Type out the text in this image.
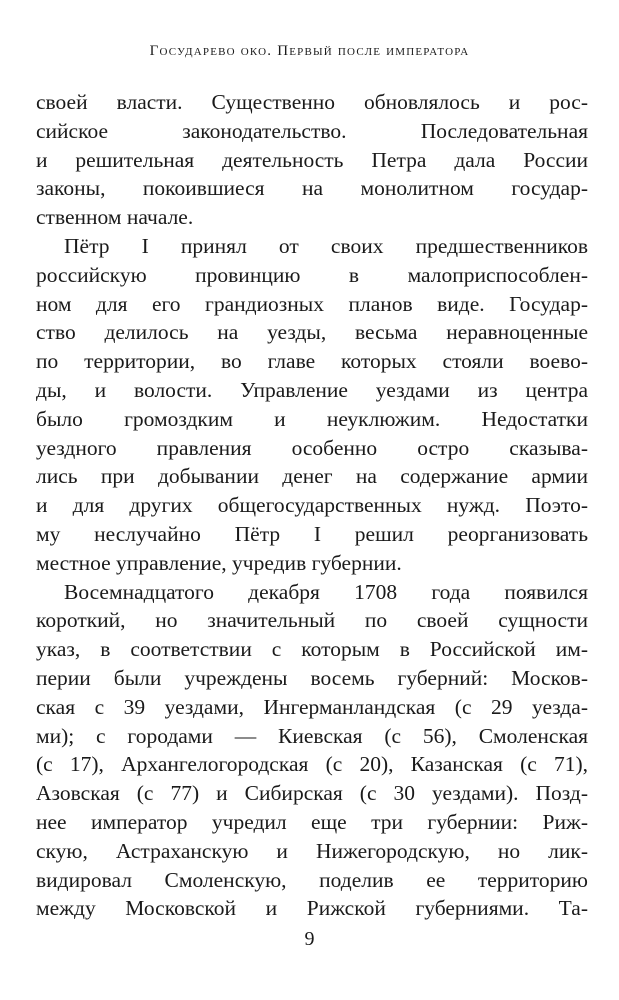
Государево око. Первый после императора
своей власти. Существенно обновлялось и рос-
сийское законодательство. Последовательная
и решительная деятельность Петра дала России
законы, покоившиеся на монолитном государ-
ственном начале.
Пётр I принял от своих предшественников
российскую провинцию в малоприспособлен-
ном для его грандиозных планов виде. Государ-
ство делилось на уезды, весьма неравноценные
по территории, во главе которых стояли воево-
ды, и волости. Управление уездами из центра
было громоздким и неуклюжим. Недостатки
уездного правления особенно остро сказыва-
лись при добывании денег на содержание армии
и для других общегосударственных нужд. Поэто-
му неслучайно Пётр I решил реорганизовать
местное управление, учредив губернии.
Восемнадцатого декабря 1708 года появился
короткий, но значительный по своей сущности
указ, в соответствии с которым в Российской им-
перии были учреждены восемь губерний: Москов-
ская с 39 уездами, Ингерманландская (с 29 уезда-
ми); с городами — Киевская (с 56), Смоленская
(с 17), Архангелогородская (с 20), Казанская (с 71),
Азовская (с 77) и Сибирская (с 30 уездами). Позд-
нее император учредил еще три губернии: Риж-
скую, Астраханскую и Нижегородскую, но лик-
видировал Смоленскую, поделив ее территорию
между Московской и Рижской губерниями. Та-
9
